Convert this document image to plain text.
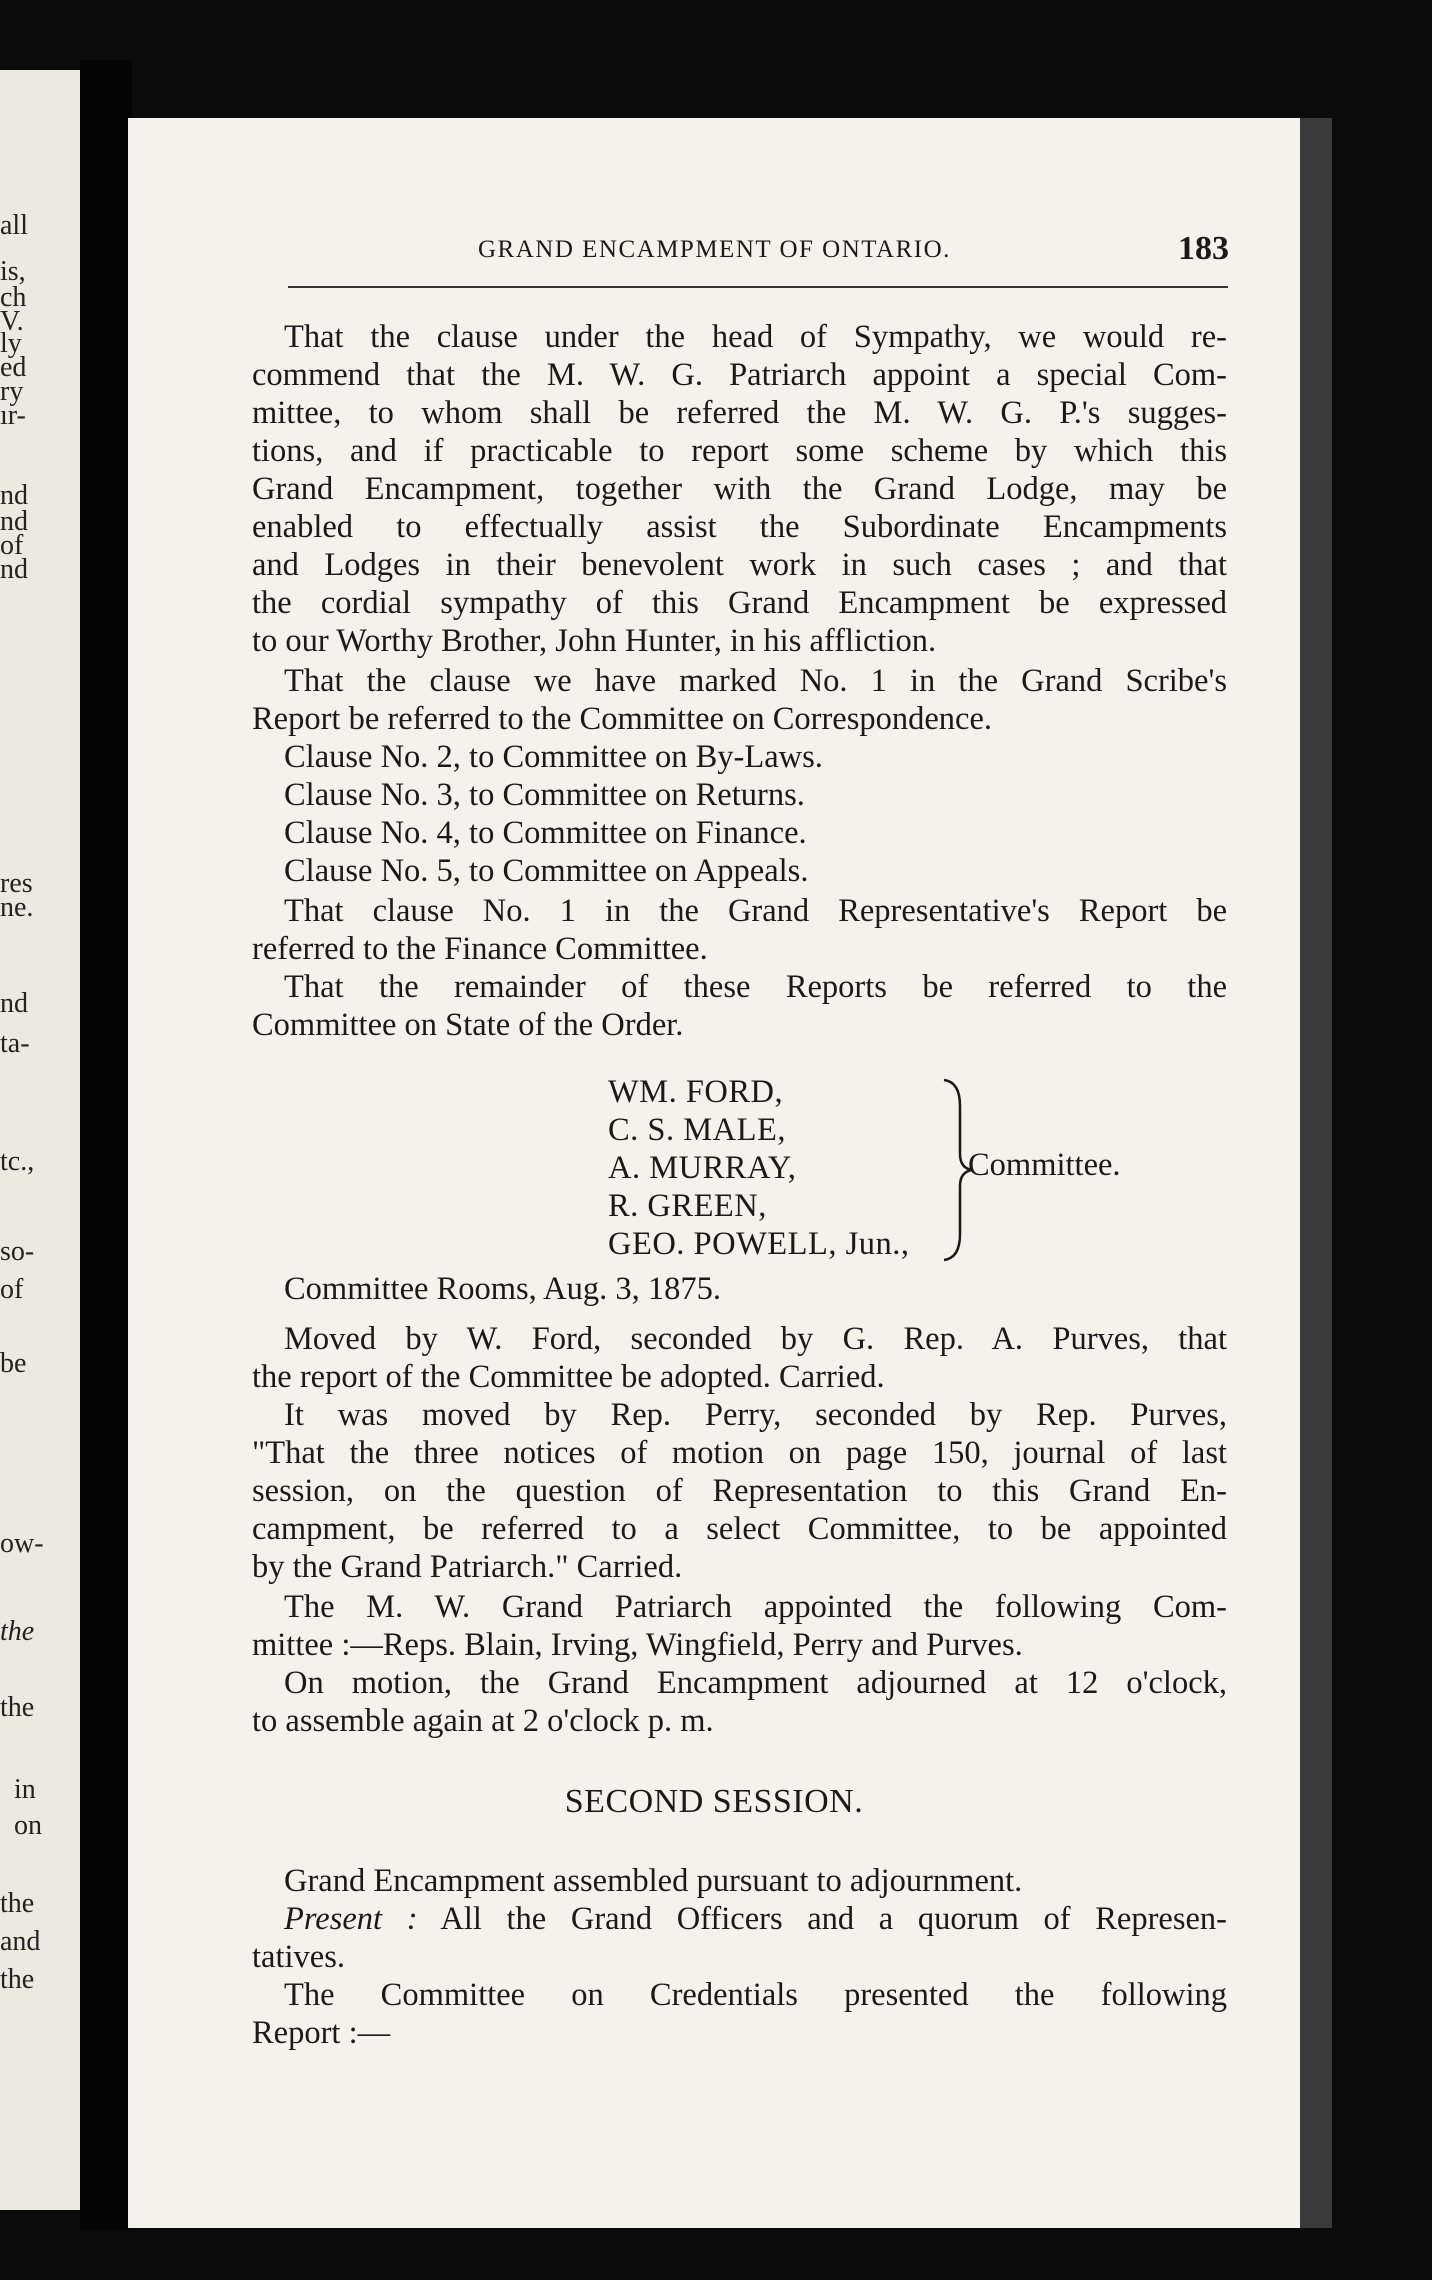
all
is,
ch
V.
ly
ed
ry
ır-
nd
nd
of
nd
res
ne.
nd
ta-
tc.,
so-
of
be
ow-
the
the
in
on
the
and
the
GRAND ENCAMPMENT OF ONTARIO.	183
That the clause under the head of Sympathy, we would re-
commend that the M. W. G. Patriarch appoint a special Com-
mittee, to whom shall be referred the M. W. G. P.'s sugges-
tions, and if practicable to report some scheme by which this
Grand Encampment, together with the Grand Lodge, may be
enabled to effectually assist the Subordinate Encampments
and Lodges in their benevolent work in such cases ; and that
the cordial sympathy of this Grand Encampment be expressed
to our Worthy Brother, John Hunter, in his affliction.
That the clause we have marked No. 1 in the Grand Scribe's
Report be referred to the Committee on Correspondence.
Clause No. 2, to Committee on By-Laws.
Clause No. 3, to Committee on Returns.
Clause No. 4, to Committee on Finance.
Clause No. 5, to Committee on Appeals.
That clause No. 1 in the Grand Representative's Report be
referred to the Finance Committee.
That the remainder of these Reports be referred to the
Committee on State of the Order.
WM. FORD,
C. S. MALE,
A. MURRAY,
R. GREEN,
GEO. POWELL, Jun.,
Committee.
Committee Rooms, Aug. 3, 1875.
Moved by W. Ford, seconded by G. Rep. A. Purves, that
the report of the Committee be adopted. Carried.
It was moved by Rep. Perry, seconded by Rep. Purves,
"That the three notices of motion on page 150, journal of last
session, on the question of Representation to this Grand En-
campment, be referred to a select Committee, to be appointed
by the Grand Patriarch." Carried.
The M. W. Grand Patriarch appointed the following Com-
mittee :—Reps. Blain, Irving, Wingfield, Perry and Purves.
On motion, the Grand Encampment adjourned at 12 o'clock,
to assemble again at 2 o'clock p. m.
SECOND SESSION.
Grand Encampment assembled pursuant to adjournment.
Present : All the Grand Officers and a quorum of Represen-
tatives.
The Committee on Credentials presented the following
Report :—
